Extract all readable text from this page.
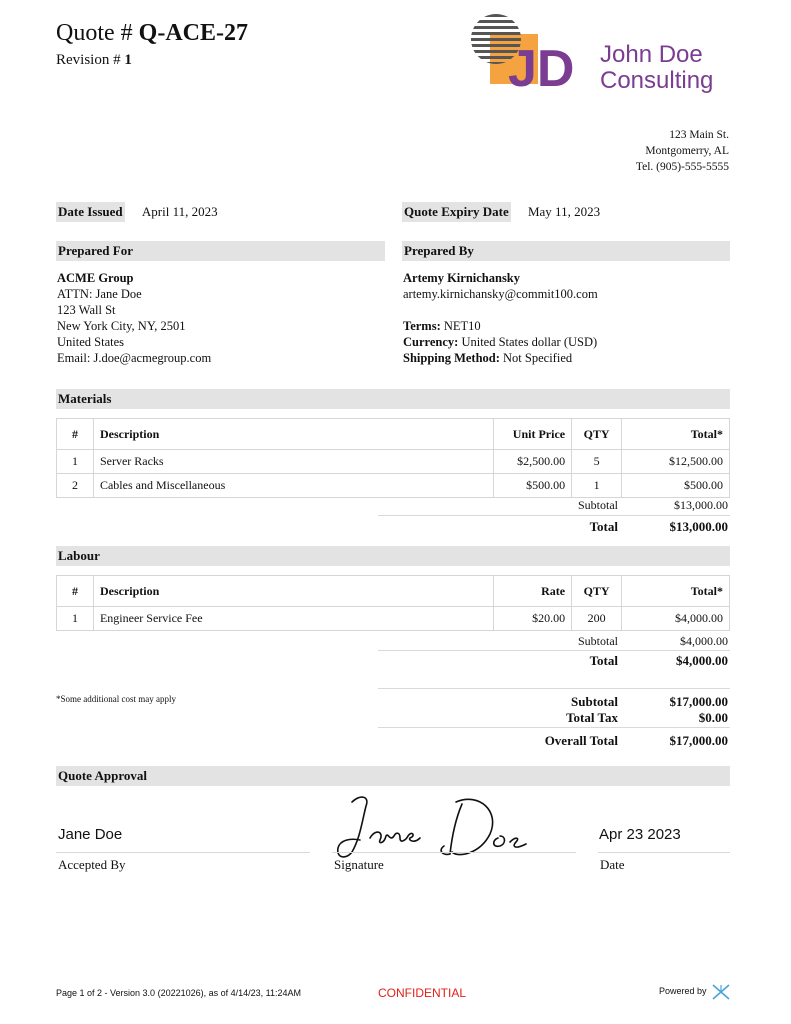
Quote # Q-ACE-27
Revision # 1	JD John Doe
Consulting
123 Main St.
Montgomerry, AL
Tel. (905)-555-5555
Date Issued April 11, 2023	Quote Expiry Date May 11, 2023
Prepared For	Prepared By
ACME Group
ATTN: Jane Doe
123 Wall St
New York City, NY, 2501
United States
Email: J.doe@acmegroup.com
Artemy Kirnichansky
artemy.kirnichansky@commit100.com
Terms: NET10
Currency: United States dollar (USD)
Shipping Method: Not Specified
Materials
#	Description	Unit Price	QTY	Total*
1	Server Racks	$2,500.00	5	$12,500.00
2	Cables and Miscellaneous	$500.00	1	$500.00
Subtotal	$13,000.00
Total	$13,000.00
Labour
#	Description	Rate	QTY	Total*
1	Engineer Service Fee	$20.00	200	$4,000.00
Subtotal	$4,000.00
Total	$4,000.00
*Some additional cost may apply	Subtotal	$17,000.00
Total Tax	$0.00
Overall Total	$17,000.00
Quote Approval
Jane Doe
Accepted By	Signature
Apr 23 2023
Date
Page 1 of 2 - Version 3.0 (20221026), as of 4/14/23, 11:24AM	CONFIDENTIAL	Powered by
